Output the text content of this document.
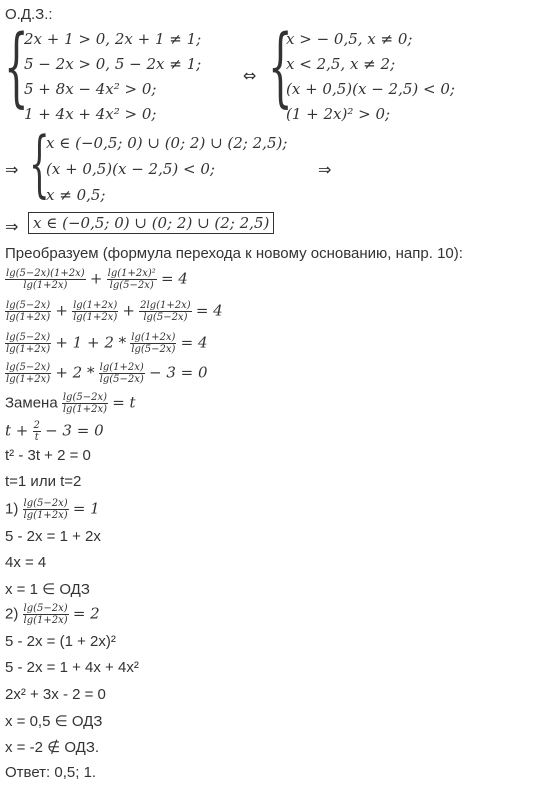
О.Д.З.:
{
2x + 1 > 0, 2x + 1 ≠ 1;
5 − 2x > 0, 5 − 2x ≠ 1;
5 + 8x − 4x² > 0;
1 + 4x + 4x² > 0;
⇔ {
x > − 0,5, x ≠ 0;
x < 2,5, x ≠ 2;
(x + 0,5)(x − 2,5) < 0;
(1 + 2x)² > 0;
⇒ {
x ∈ (−0,5; 0) ∪ (0; 2) ∪ (2; 2,5);
(x + 0,5)(x − 2,5) < 0;
x ≠ 0,5;
⇒
⇒ x ∈ (−0,5; 0) ∪ (0; 2) ∪ (2; 2,5)
Преобразуем (формула перехода к новому основанию, напр. 10):
$\frac{\lg(5-2x)(1+2x)}{\lg(1+2x)} + \frac{\text{lg(1+2x)²}}{\lg(5-2x)} = 4$
$\frac{\lg(5-2x)}{\lg(1+2x)} + \frac{\lg(1+2x)}{\lg(1+2x)} + \frac{2\lg(1+2x)}{\lg(5-2x)} = 4$
$\frac{\lg(5-2x)}{\lg(1+2x)} + 1 + 2 * \frac{\lg(1+2x)}{\lg(5-2x)} = 4$
$\frac{\lg(5-2x)}{\lg(1+2x)} + 2 * \frac{\lg(1+2x)}{\lg(5-2x)} - 3 = 0$
Замена $\frac{\lg(5-2x)}{\lg(1+2x)} = t$
$t + \frac{2}{t} - 3 = 0$
t² - 3t + 2 = 0
t=1 или t=2
$1) \frac{\lg(5-2x)}{\lg(1+2x)} = 1$
5 - 2x = 1 + 2x
4x = 4
x = 1 ∈ ОДЗ
$2) \frac{\lg(5-2x)}{\lg(1+2x)} = 2$
5 - 2x = (1 + 2x)²
5 - 2x = 1 + 4x + 4x²
2x² + 3x - 2 = 0
x = 0,5 ∈ ОДЗ
x = -2 ∉ ОДЗ.
Ответ: 0,5; 1.
